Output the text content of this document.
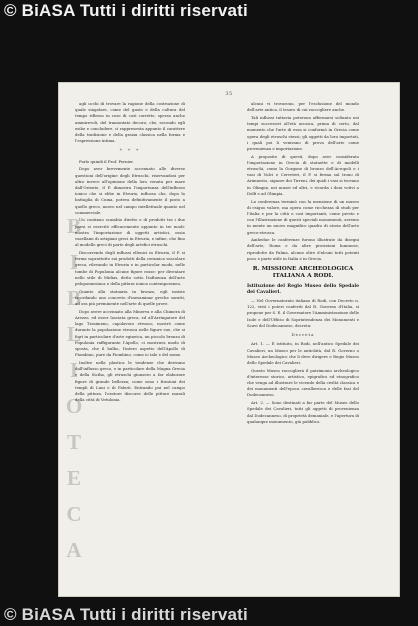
© BiASA Tutti i diritti riservati
B
I
B
L
I
O
T
E
C
A
35

agli occhi di trovare la ragione della costruzione di quale singolare, come del gusto e della cultura del tempo riflesso in cose di così corrette, spesso anche ammirevoli, del tramontato decoro, che, secondo egli esibe e concludere, ci rappresenta appunto il carattere della tradizione e della grazia classica nella forma e l'espressione intima.

* * *

Parlo quindi il Prof. Pernier.

Dopo aver brevemente accennato alle diverse questioni dell'origine degli Etruschi, riservandosi per altro invece all'opinione della loro venuta per mare dall'Oriente, il P. dimostra l'importanza dell'influsso ionico che si ebbe in Etruria, influsso che, dopo la battaglia di Cuma, poteva definitivamente il posto a quello greco, nuovo nel campo intellettuale quanto nel commerciale.

Un continuo scambio diretto e di prodotti tra i due paesi si esercitò efficacemente appunto in tre modi: mostra l'importazione di oggetti artistici, ossia vasellami di artigiani greci in Etruria, e infine, che fino al modello greci di parte degli artefici etruschi.

Discorrendo degli influssi ellenici in Etruria, il P. si ferma soprattutto sui prodotti della ceramica vascolare greca, rilevando in Etruria e in particolar modo, nelle tombe di Populonia alcune figure rosse: per diventare nello stile di Midias, detto sotto l'influenza dell'arte peloponnesiaca e della pittura ionica contemporanea.

Quanto alla statuaria in bronzo, egli insiste ricordando uno concreto d'inesaminar greche saratti, ad ora più preminente nell'arte di quelle prove.

Dopo avere accennato alla Minerva e alla Chimera di Arezzo, ed esser lasciata greca, ed all'Arringatore del lago Trasimeno, capolavoro etrusco, mostrò come durante la popolazione etrusca nelle figure sue, che si fiorì in particolare d'arte egineica, un piccolo bronzo di Populonia raffigurante l'Apollo, ci mostrava modo di sposta, che il bulbo, l'intero aspetto dell'Apollo di Piombino, pure da Piombino, come io tale e del nome.

Inoltre nella plastica le tendenze che derivano dall'influsso greco, e in particolare della Magna Grecia e della Sicilia, gli etruschi giunsero a far elaborare figure di grande bellezza; come sono i frontoni dei templi di Luni e di Falerii. Entrando poi nel campo della pittura, l'oratore discorse delle pitture murali della città di Vetulonia.

alcuni vi trovarono, per l'esclusione del mondo dell'arte antica, il tesoro di cui raccogliere anche.

Tali influssi tuttavia poterono affermarsi soltanto nei tempi successivi all'età arcaica, prima di certo, dal momento che l'arte di essa si conformò in Grecia come opera degli etruschi stessi; gli oggetti da loro importati, i quali poi li venivano di prova dell'arte come provenienza e importazione.

A proposito di questi, dopo aver considerato l'importazione in Grecia di statuette e di modelli etruschi, come la Gorgone di bronzo dell'Acropoli e i vasi di Vulci e Cerveteri, il P. si ferma sul trono di Arimnesto, signore dei Tirreni, dei quali i vasi si trovano in Olimpia, nei musei ed altri, e ricorda i doni votivi a Delfi e ad Olimpia.

La conferenza terminò con la menzione di un museo di esiguo valore, ma opera come ricchezza di studi per l'Italia e per la città e così importanti, come presto e con l'illustrazione di questi speciali monumenti, avremo in mente un nuovo magnifico quadro di storia dell'arte greco-etrusca.

Ambedue le conferenze furono illustrate da disegni dell'arte, Roma e da altre proiezioni luminose, riprodotte da Palma, alcune oltre d'alcuni tutti potenti poco e parte utile in Italia e in Grecia.

R. MISSIONE ARCHEOLOGICA ITALIANA A RODI.
Istituzione del Regio Museo dello Spedale dei Cavalieri.

— Nel Governatorato italiano di Rodi, con Decreto n. 122, visti i poteri conferiti dal R. Governo d'Italia, si propone per S. E. il Governatore l'Amministrazione delle Isole e dell'Ufficio di Soprintendenza dei Monumenti e Scavi del Dodecanneso, decreta:

Decreta

Art. 1. — È istituito, in Rodi, nell'antico Spedale dei Cavalieri, un Museo per le antichità, dal R. Governo o Museo Archeologico che li deve dirigere e Regio Museo dello Spedale dei Cavalieri.

Questo Museo raccoglierà il patrimonio archeologico d'interesse storico, artistico, epigrafico ed etnografico che venga ad illustrare le vicende della civiltà classica e dei monumenti dell'epoca cavalleresca e delle fasi del Dodecanneso.

Art. 2. — Sono destinati a far parte del Museo dello Spedale dei Cavalieri, tutti gli oggetti di provenienza dal Dodecanneso, di proprietà demaniale, e l'apertura di qualunque monumento, già pubblico.

© BiASA Tutti i diritti riservati
